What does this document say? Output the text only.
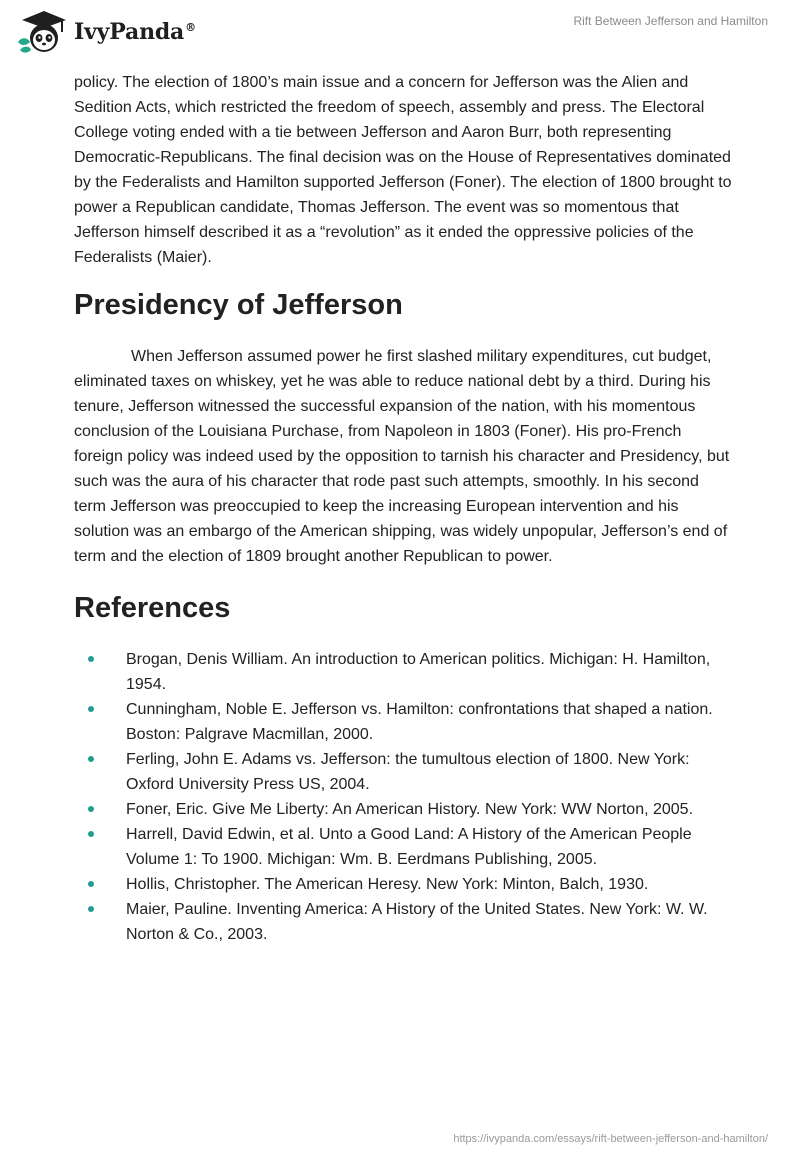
IvyPanda®	Rift Between Jefferson and Hamilton

policy. The election of 1800’s main issue and a concern for Jefferson was the Alien and Sedition Acts, which restricted the freedom of speech, assembly and press. The Electoral College voting ended with a tie between Jefferson and Aaron Burr, both representing Democratic-Republicans. The final decision was on the House of Representatives dominated by the Federalists and Hamilton supported Jefferson (Foner). The election of 1800 brought to power a Republican candidate, Thomas Jefferson. The event was so momentous that Jefferson himself described it as a “revolution” as it ended the oppressive policies of the Federalists (Maier).

Presidency of Jefferson

When Jefferson assumed power he first slashed military expenditures, cut budget, eliminated taxes on whiskey, yet he was able to reduce national debt by a third. During his tenure, Jefferson witnessed the successful expansion of the nation, with his momentous conclusion of the Louisiana Purchase, from Napoleon in 1803 (Foner). His pro-French foreign policy was indeed used by the opposition to tarnish his character and Presidency, but such was the aura of his character that rode past such attempts, smoothly. In his second term Jefferson was preoccupied to keep the increasing European intervention and his solution was an embargo of the American shipping, was widely unpopular, Jefferson’s end of term and the election of 1809 brought another Republican to power.

References
Brogan, Denis William. An introduction to American politics. Michigan: H. Hamilton, 1954.
Cunningham, Noble E. Jefferson vs. Hamilton: confrontations that shaped a nation. Boston: Palgrave Macmillan, 2000.
Ferling, John E. Adams vs. Jefferson: the tumultous election of 1800. New York: Oxford University Press US, 2004.
Foner, Eric. Give Me Liberty: An American History. New York: WW Norton, 2005.
Harrell, David Edwin, et al. Unto a Good Land: A History of the American People Volume 1: To 1900. Michigan: Wm. B. Eerdmans Publishing, 2005.
Hollis, Christopher. The American Heresy. New York: Minton, Balch, 1930.
Maier, Pauline. Inventing America: A History of the United States. New York: W. W. Norton & Co., 2003.
https://ivypanda.com/essays/rift-between-jefferson-and-hamilton/
